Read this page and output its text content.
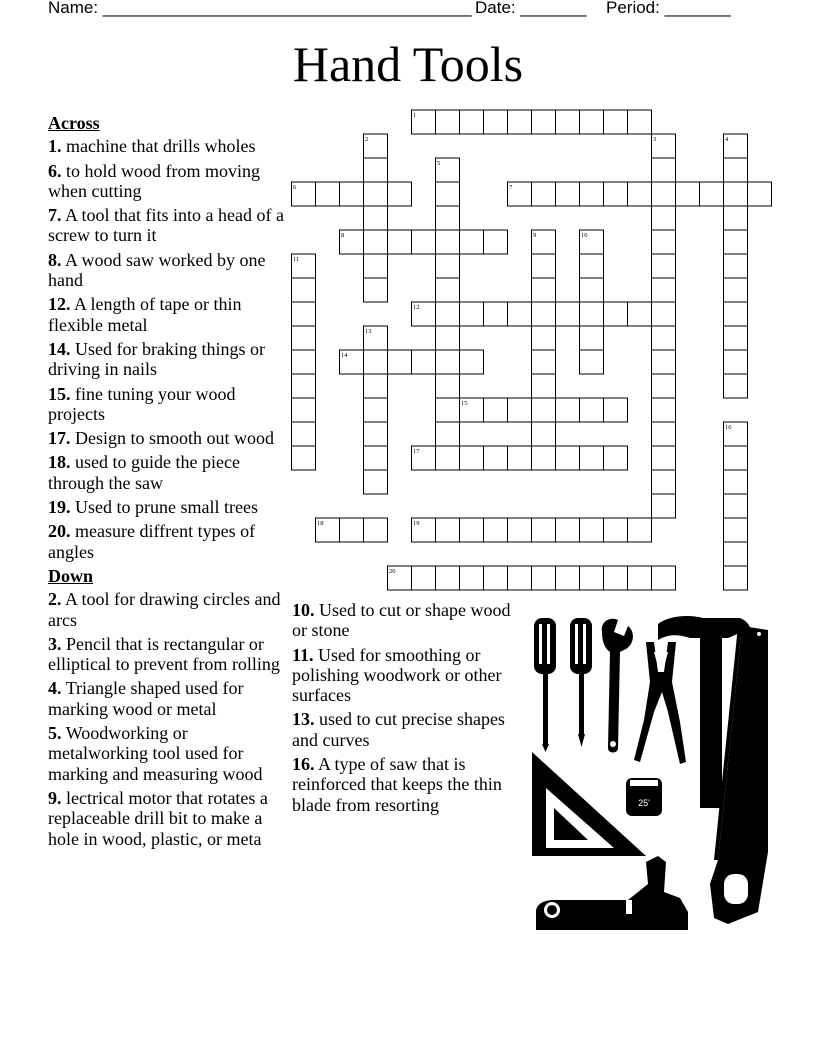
Name: _______________________________________ Date: _______ Period: _______
Hand Tools
Across
1. machine that drills wholes
6. to hold wood from moving when cutting
7. A tool that fits into a head of a screw to turn it
8. A wood saw worked by one hand
12. A length of tape or thin flexible metal
14. Used for braking things or driving in nails
15. fine tuning your wood projects
17. Design to smooth out wood
18. used to guide the piece through the saw
19. Used to prune small trees
20. measure diffrent types of angles
Down
2. A tool for drawing circles and arcs
3. Pencil that is rectangular or elliptical to prevent from rolling
4. Triangle shaped used for marking wood or metal
5. Woodworking or metalworking tool used for marking and measuring wood
9. lectrical motor that rotates a replaceable drill bit to make a hole in wood, plastic, or meta
10. Used to cut or shape wood or stone
11. Used for smoothing or polishing woodwork or other surfaces
13. used to cut precise shapes and curves
16. A type of saw that is reinforced that keeps the thin blade from resorting
1
2	3	4
5
6	7
8	9	10
11
12
13
14
15
16
17
18	19
20
25'
